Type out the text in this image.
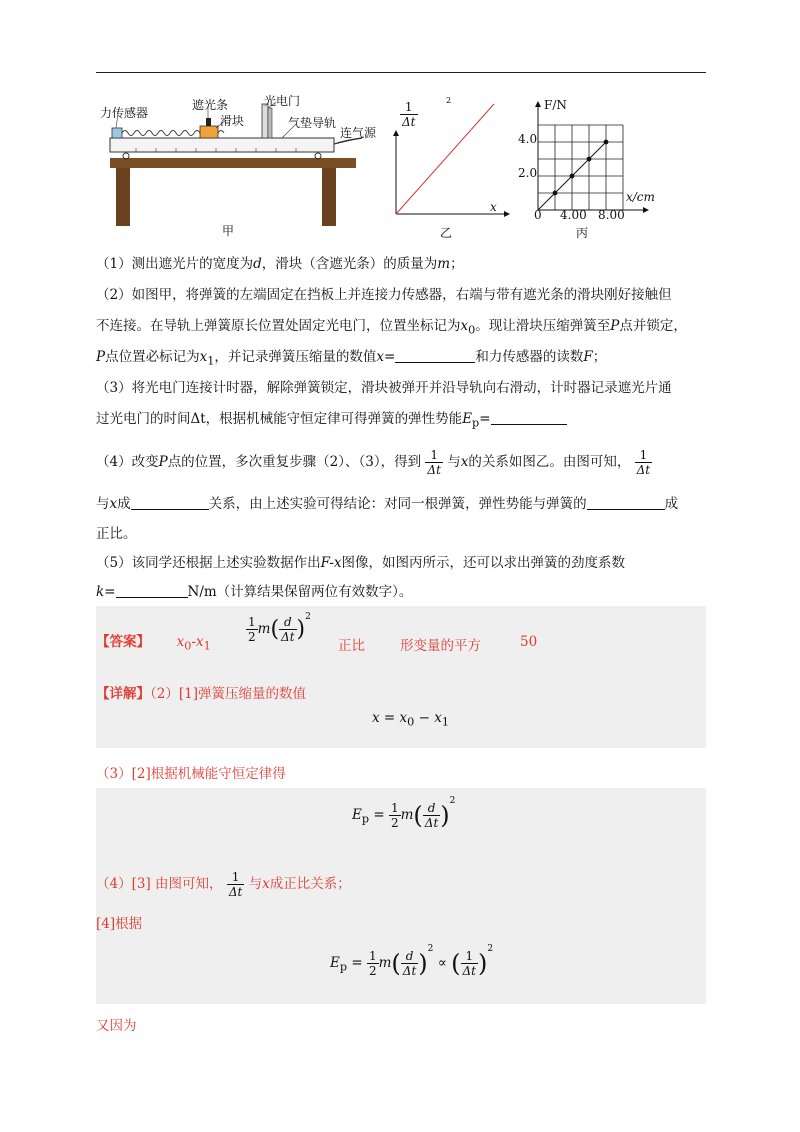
力传感器
遮光条	光电门
滑块	气垫导轨
连气源
甲
$\frac{1}{\Delta t}$	2
x
乙
F/N
4.0
2.0
0 4.00 8.00
x/cm
丙
（1）测出遮光片的宽度为d，滑块（含遮光条）的质量为m；
（2）如图甲，将弹簧的左端固定在挡板上并连接力传感器，右端与带有遮光条的滑块刚好接触但
不连接。在导轨上弹簧原长位置处固定光电门，位置坐标记为$x_0$。现让滑块压缩弹簧至P点并锁定，
P点位置必标记为$x_1$，并记录弹簧压缩量的数值x=	和力传感器的读数F；
（3）将光电门连接计时器，解除弹簧锁定，滑块被弹开并沿导轨向右滑动，计时器记录遮光片通
过光电门的时间Δt，根据机械能守恒定律可得弹簧的弹性势能$E_p=$
（4）改变P点的位置，多次重复步骤（2）、（3），得到 $\frac{1}{\Delta t}$ 与x的关系如图乙。由图可知， $\frac{1}{\Delta t}$
与x成	关系，由上述实验可得结论：对同一根弹簧，弹性势能与弹簧的	成
正比。
（5）该同学还根据上述实验数据作出F-x图像，如图丙所示，还可以求出弹簧的劲度系数
k=	N/m（计算结果保留两位有效数字）。
【答案】 $x_0-x_1$
$\frac{1}{2} m( \frac{d}{\Delta t} )^2$
正比	形变量的平方	50
【详解】（2）[1]弹簧压缩量的数值
$x = x_0 - x_1$
（3）[2]根据机械能守恒定律得
$E_p = \frac{1}{2} m( \frac{d}{\Delta t} )^2$
（4）[3] 由图可知， $\frac{1}{\Delta t}$ 与x成正比关系；
[4]根据
$E_p = \frac{1}{2} m( \frac{d}{\Delta t} )^2$ ∝ ( $\frac{1}{\Delta t} )^2$
又因为
